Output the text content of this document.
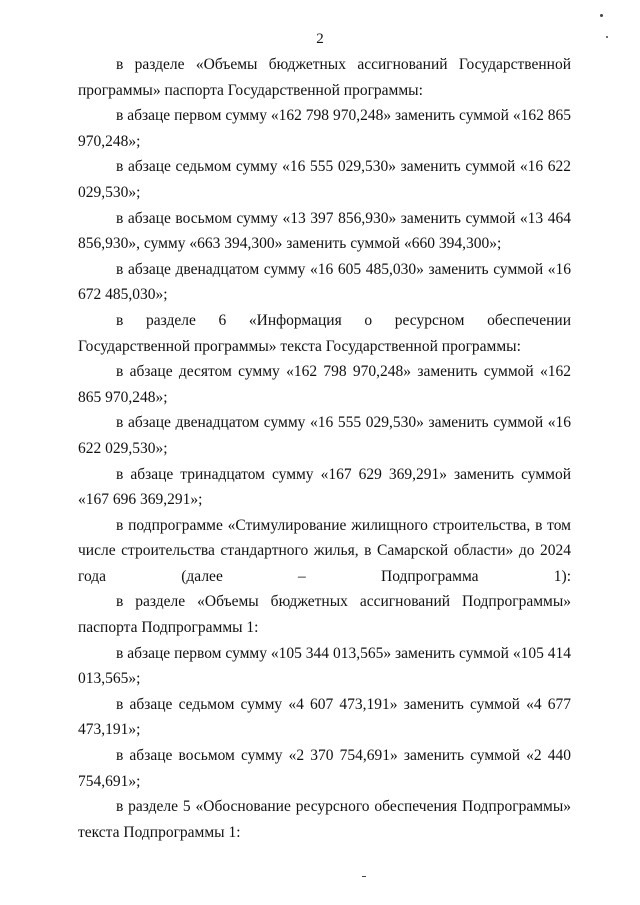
2

в разделе «Объемы бюджетных ассигнований Государственной программы» паспорта Государственной программы:

в абзаце первом сумму «162 798 970,248» заменить суммой «162 865 970,248»;

в абзаце седьмом сумму «16 555 029,530» заменить суммой «16 622 029,530»;

в абзаце восьмом сумму «13 397 856,930» заменить суммой «13 464 856,930», сумму «663 394,300» заменить суммой «660 394,300»;

в абзаце двенадцатом сумму «16 605 485,030» заменить суммой «16 672 485,030»;

в разделе 6 «Информация о ресурсном обеспечении Государственной программы» текста Государственной программы:

в абзаце десятом сумму «162 798 970,248» заменить суммой «162 865 970,248»;

в абзаце двенадцатом сумму «16 555 029,530» заменить суммой «16 622 029,530»;

в абзаце тринадцатом сумму «167 629 369,291» заменить суммой «167 696 369,291»;

в подпрограмме «Стимулирование жилищного строительства, в том числе строительства стандартного жилья, в Самарской области» до 2024 года (далее – Подпрограмма 1):

в разделе «Объемы бюджетных ассигнований Подпрограммы» паспорта Подпрограммы 1:

в абзаце первом сумму «105 344 013,565» заменить суммой «105 414 013,565»;

в абзаце седьмом сумму «4 607 473,191» заменить суммой «4 677 473,191»;

в абзаце восьмом сумму «2 370 754,691» заменить суммой «2 440 754,691»;

в разделе 5 «Обоснование ресурсного обеспечения Подпрограммы» текста Подпрограммы 1:
